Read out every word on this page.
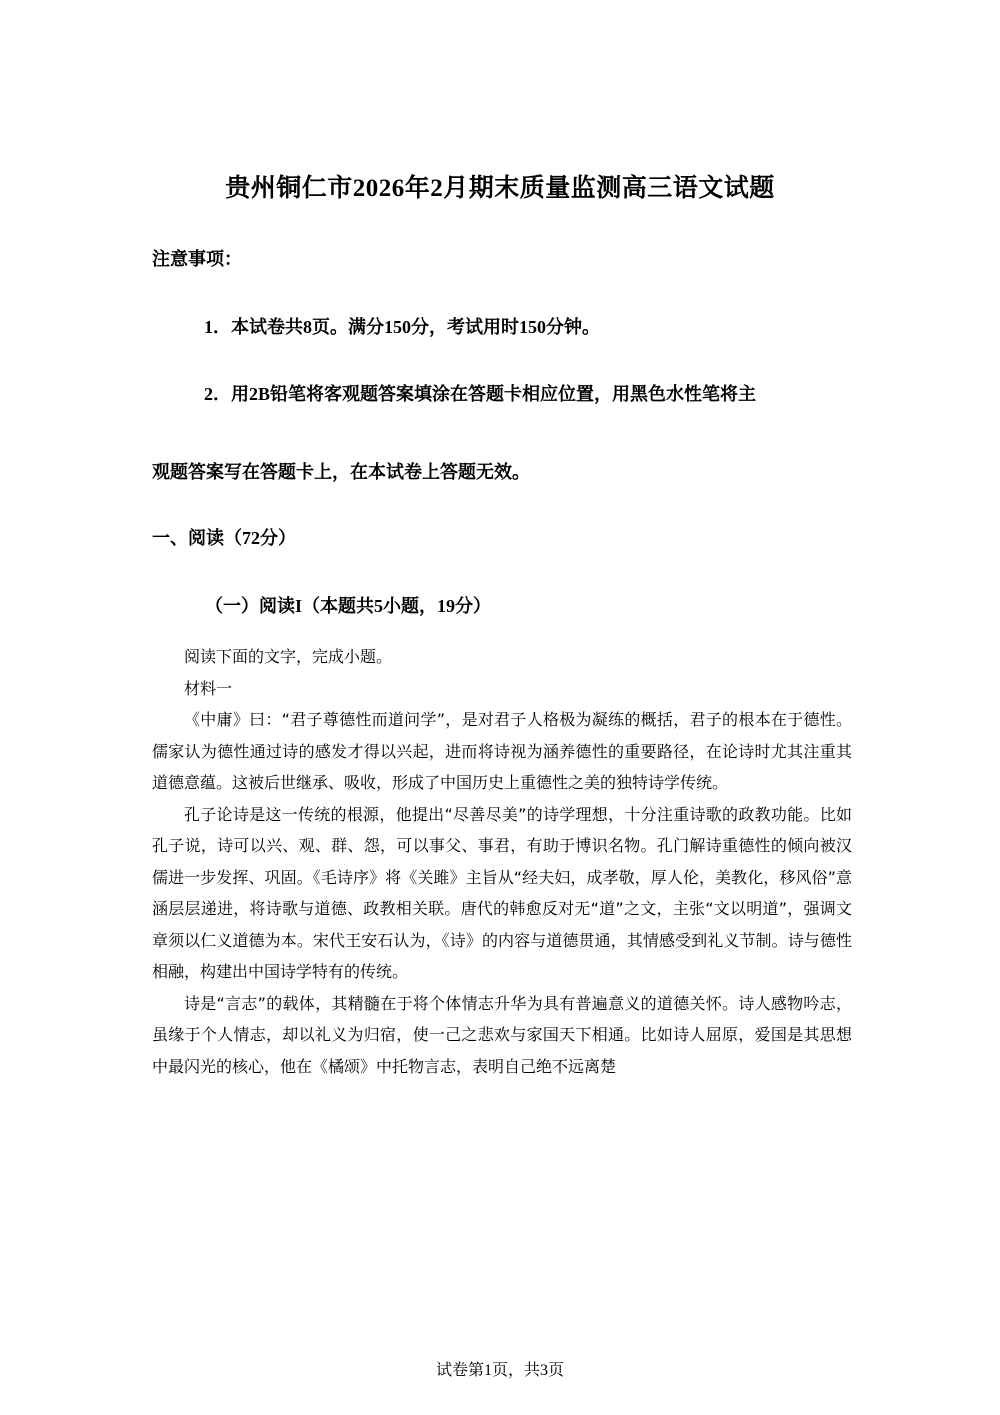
贵州铜仁市2026年2月期末质量监测高三语文试题
注意事项：
1．本试卷共8页。满分150分，考试用时150分钟。
2．用2B铅笔将客观题答案填涂在答题卡相应位置，用黑色水性笔将主
观题答案写在答题卡上，在本试卷上答题无效。
一、阅读（72分）
（一）阅读I（本题共5小题，19分）

阅读下面的文字，完成小题。

材料一

《中庸》曰：“君子尊德性而道问学”，是对君子人格极为凝练的概括，君子的根本在于德性。儒家认为德性通过诗的感发才得以兴起，进而将诗视为涵养德性的重要路径，在论诗时尤其注重其道德意蕴。这被后世继承、吸收，形成了中国历史上重德性之美的独特诗学传统。

孔子论诗是这一传统的根源，他提出“尽善尽美”的诗学理想，十分注重诗歌的政教功能。比如孔子说，诗可以兴、观、群、怨，可以事父、事君，有助于博识名物。孔门解诗重德性的倾向被汉儒进一步发挥、巩固。《毛诗序》将《关雎》主旨从“经夫妇，成孝敬，厚人伦，美教化，移风俗”意涵层层递进，将诗歌与道德、政教相关联。唐代的韩愈反对无“道”之文，主张“文以明道”，强调文章须以仁义道德为本。宋代王安石认为，《诗》的内容与道德贯通，其情感受到礼义节制。诗与德性相融，构建出中国诗学特有的传统。

诗是“言志”的载体，其精髓在于将个体情志升华为具有普遍意义的道德关怀。诗人感物吟志，虽缘于个人情志，却以礼义为归宿，使一己之悲欢与家国天下相通。比如诗人屈原，爱国是其思想中最闪光的核心，他在《橘颂》中托物言志，表明自己绝不远离楚

试卷第1页，共3页
